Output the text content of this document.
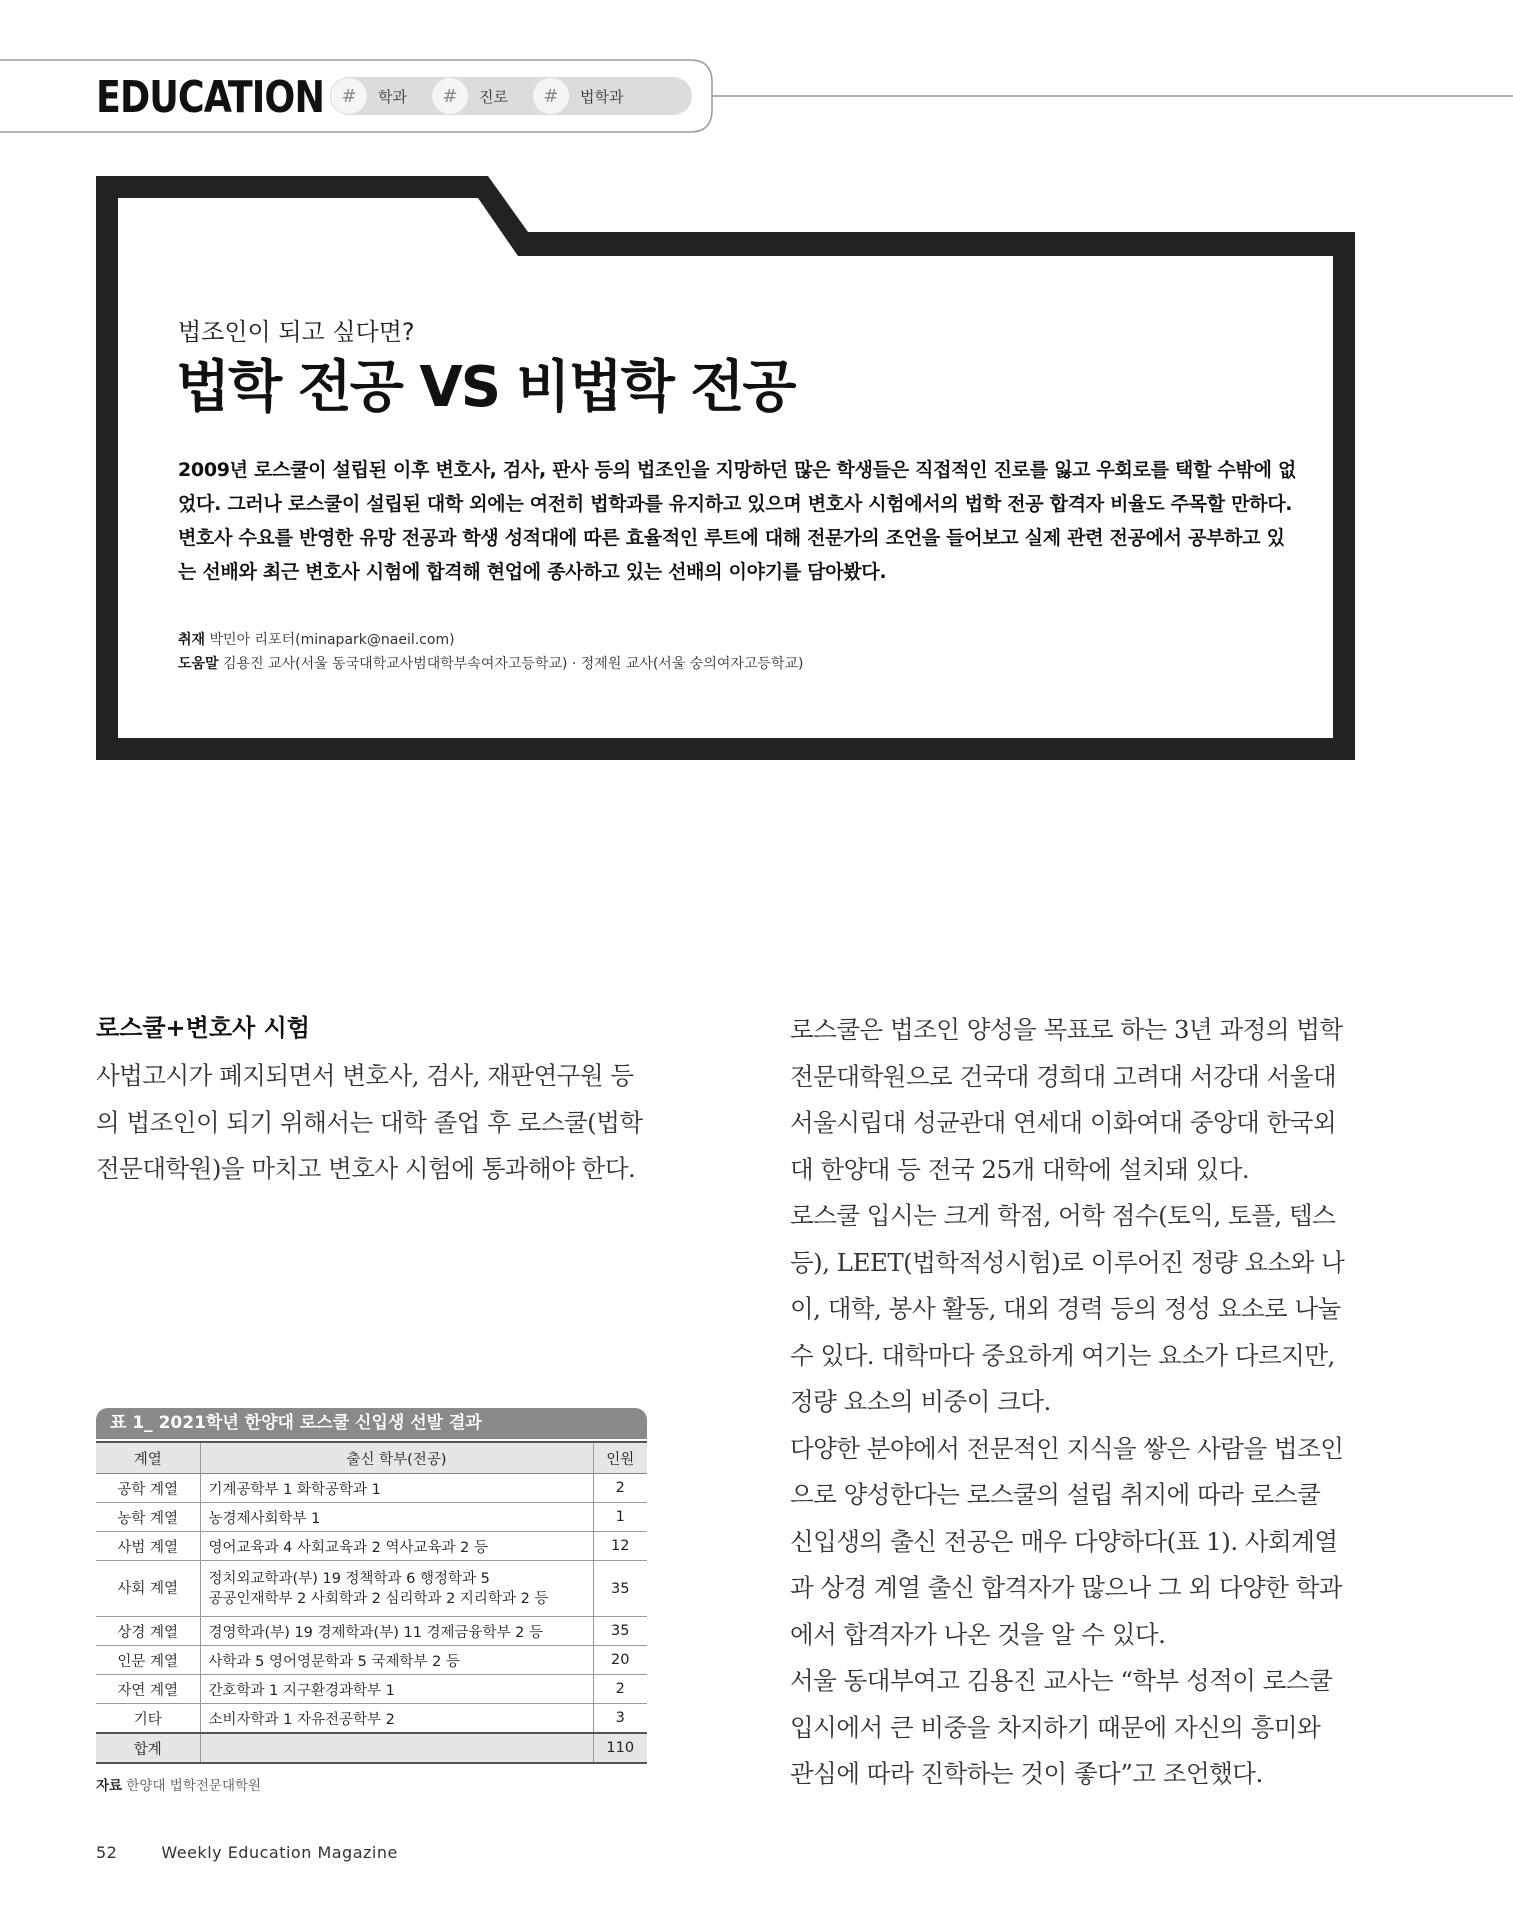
EDUCATION #	학과	#	진로	#	법학과
법조인이 되고 싶다면?
법학 전공 VS 비법학 전공

2009년 로스쿨이 설립된 이후 변호사, 검사, 판사 등의 법조인을 지망하던 많은 학생들은 직접적인 진로를 잃고 우회로를 택할 수밖에 없었다. 그러나 로스쿨이 설립된 대학 외에는 여전히 법학과를 유지하고 있으며 변호사 시험에서의 법학 전공 합격자 비율도 주목할 만하다.

변호사 수요를 반영한 유망 전공과 학생 성적대에 따른 효율적인 루트에 대해 전문가의 조언을 들어보고 실제 관련 전공에서 공부하고 있는 선배와 최근 변호사 시험에 합격해 현업에 종사하고 있는 선배의 이야기를 담아봤다.

취재 박민아 리포터(minapark@naeil.com)
도움말 김용진 교사(서울 동국대학교사범대학부속여자고등학교) · 정제원 교사(서울 숭의여자고등학교)
로스쿨+변호사 시험

사법고시가 폐지되면서 변호사, 검사, 재판연구원 등의 법조인이 되기 위해서는 대학 졸업 후 로스쿨(법학전문대학원)을 마치고 변호사 시험에 통과해야 한다.

로스쿨은 법조인 양성을 목표로 하는 3년 과정의 법학전문대학원으로 건국대 경희대 고려대 서강대 서울대 서울시립대 성균관대 연세대 이화여대 중앙대 한국외대 한양대 등 전국 25개 대학에 설치돼 있다.

로스쿨 입시는 크게 학점, 어학 점수(토익, 토플, 텝스 등), LEET(법학적성시험)로 이루어진 정량 요소와 나이, 대학, 봉사 활동, 대외 경력 등의 정성 요소로 나눌 수 있다. 대학마다 중요하게 여기는 요소가 다르지만, 정량 요소의 비중이 크다.

다양한 분야에서 전문적인 지식을 쌓은 사람을 법조인으로 양성한다는 로스쿨의 설립 취지에 따라 로스쿨 신입생의 출신 전공은 매우 다양하다(표 1). 사회계열과 상경 계열 출신 합격자가 많으나 그 외 다양한 학과에서 합격자가 나온 것을 알 수 있다.

서울 동대부여고 김용진 교사는 “학부 성적이 로스쿨 입시에서 큰 비중을 차지하기 때문에 자신의 흥미와 관심에 따라 진학하는 것이 좋다”고 조언했다.

표 1_ 2021학년 한양대 로스쿨 신입생 선발 결과
계열	출신 학부(전공)	인원
공학 계열	기계공학부 1 화학공학과 1	2
농학 계열	농경제사회학부 1	1
사범 계열	영어교육과 4 사회교육과 2 역사교육과 2 등	12
사회 계열	정치외교학과(부) 19 정책학과 6 행정학과 5
공공인재학부 2 사회학과 2 심리학과 2 지리학과 2 등	35
상경 계열	경영학과(부) 19 경제학과(부) 11 경제금융학부 2 등	35
인문 계열	사학과 5 영어영문학과 5 국제학부 2 등	20
자연 계열	간호학과 1 지구환경과학부 1	2
기타	소비자학과 1 자유전공학부 2	3
합계		110
자료 한양대 법학전문대학원
52	Weekly Education Magazine
